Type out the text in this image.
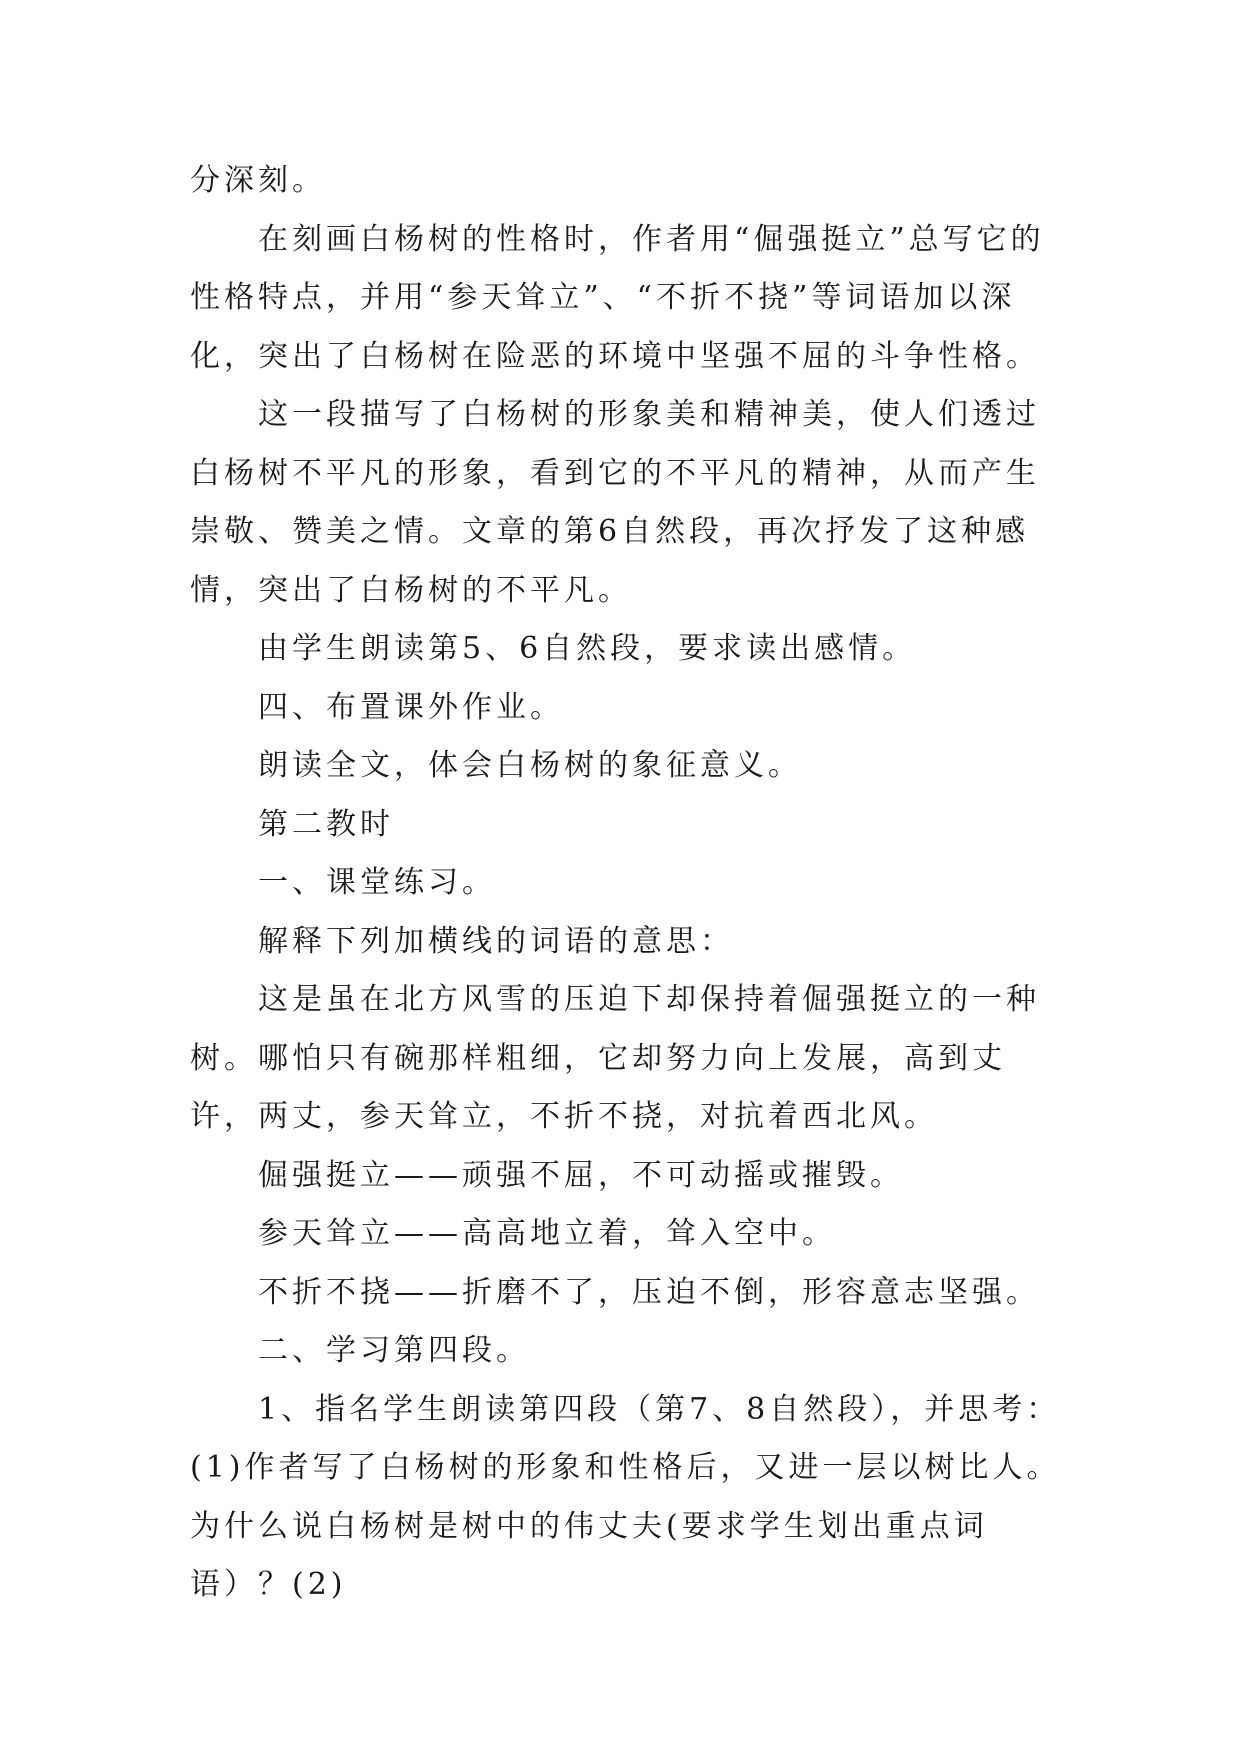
分深刻。

在刻画白杨树的性格时，作者用“倔强挺立”总写它的性格特点，并用“参天耸立”、“不折不挠”等词语加以深化，突出了白杨树在险恶的环境中坚强不屈的斗争性格。

这一段描写了白杨树的形象美和精神美，使人们透过白杨树不平凡的形象，看到它的不平凡的精神，从而产生崇敬、赞美之情。文章的第6自然段，再次抒发了这种感情，突出了白杨树的不平凡。

由学生朗读第5、6自然段，要求读出感情。

四、布置课外作业。

朗读全文，体会白杨树的象征意义。

第二教时

一、课堂练习。

解释下列加横线的词语的意思：

这是虽在北方风雪的压迫下却保持着倔强挺立的一种树。哪怕只有碗那样粗细，它却努力向上发展，高到丈许，两丈，参天耸立，不折不挠，对抗着西北风。

倔强挺立——顽强不屈，不可动摇或摧毁。

参天耸立——高高地立着，耸入空中。

不折不挠——折磨不了，压迫不倒，形容意志坚强。

二、学习第四段。

1、指名学生朗读第四段（第7、8自然段），并思考：(1)作者写了白杨树的形象和性格后，又进一层以树比人。为什么说白杨树是树中的伟丈夫(要求学生划出重点词语）？(2)
